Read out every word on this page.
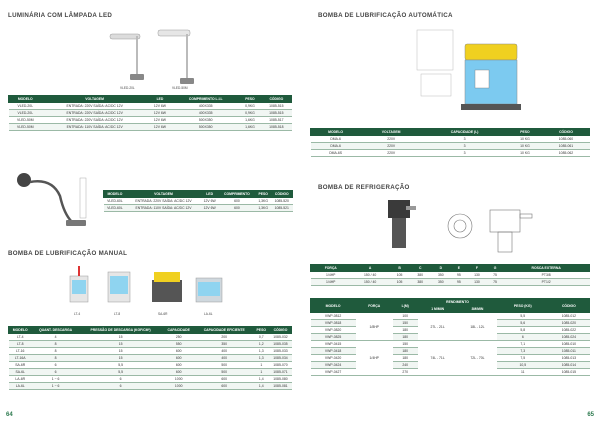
LUMINÁRIA COM LÂMPADA LED
VLED-20L	VLED-50M
MODELO	VOLTAGEM	LED	COMPRIMENTO L.I.L	PESO	CÓDIGO
VLED-20L	ENTRADA: 220V SAÍDA: AC/DC 12V	12V 6W	400X335	0,9KG	1085-515
VLED-20L	ENTRADA: 220V SAÍDA: AC/DC 12V	12V 6W	400X335	0,9KG	1085-515
VLED-50M	ENTRADA: 220V SAÍDA: AC/DC 12V	12V 6W	500X350	1,6KG	1085-517
VLED-50M	ENTRADA: 110V SAÍDA: AC/DC 12V	12V 6W	500X350	1,6KG	1085-518
MODELO	VOLTAGEM	LED	COMPRIMENTO	PESO	CÓDIGO
VLED-60L	ENTRADA: 220V SAÍDA: AC/DC 12V	12V 6W	600	1,3KG	1085-520
VLED-60L	ENTRADA: 110V SAÍDA: AC/DC 12V	12V 6W	600	1,3KG	1085-521
BOMBA DE LUBRIFICAÇÃO MANUAL
LT-4	LT-8	SA-6R	LA-6L
MODELO	QUANT. DESCARGA	PRESSÃO DE DESCARGA (KGF/CM²)	CAPACIDADE	CAPACIDADE EFICIENTE	PESO	CÓDIGO
LT-4	4	15	250	200	0,7	1085-032
LT-8	8	15	550	350	1,2	1085-035
LT-16	8	15	600	400	1,3	1085-033
LT-16A	8	15	600	400	1,3	1085-034
SA-6R	6	5,5	600	500	1	1085-070
SA-6L	6	5,5	600	500	1	1085-071
LA-6R	1 ~ 6	6	1000	600	1,4	1085-080
LA-6L	1 ~ 6	6	1000	600	1,4	1085-081
64
BOMBA DE LUBRIFICAÇÃO AUTOMÁTICA
MODELO	VOLTAGEM	CAPACIDADE (L)	PESO	CÓDIGO
DMA-6	220V	3	10 KG	1085-060
DMA-6	220V	3	10 KG	1085-061
DMA-6S	220V	3	10 KG	1085-062
BOMBA DE REFRIGERAÇÃO
FORÇA	A	B	C	D	E	F	G	ROSCA EXTERNA
1/4HP	150 / 40	105	380	350	95	130	75	PT3/8
1/4HP	150 / 40	105	380	350	95	130	75	PT1/2
MODELO	FORÇA	L(M)	RENDIMENTO		PESO (KG)	CÓDIGO
			1 M/MIN	3M/MIN		
VWP-0812	1/8HP	100	27L - 21L	18L - 12L	5,5	1085-012
VWP-0818		150			5,6	1085-020
VWP-0820		180			5,8	1085-022
VWP-0825		180			6	1085-024
VWP-0415	1/4HP	150	74L - 71L	72L - 70L	7,1	1085-010
VWP-0418		180			7,3	1085-011
VWP-0420		180			7,5	1085-013
VWP-0424		240			10,5	1085-014
VWP-0427		270			11	1085-015
65
